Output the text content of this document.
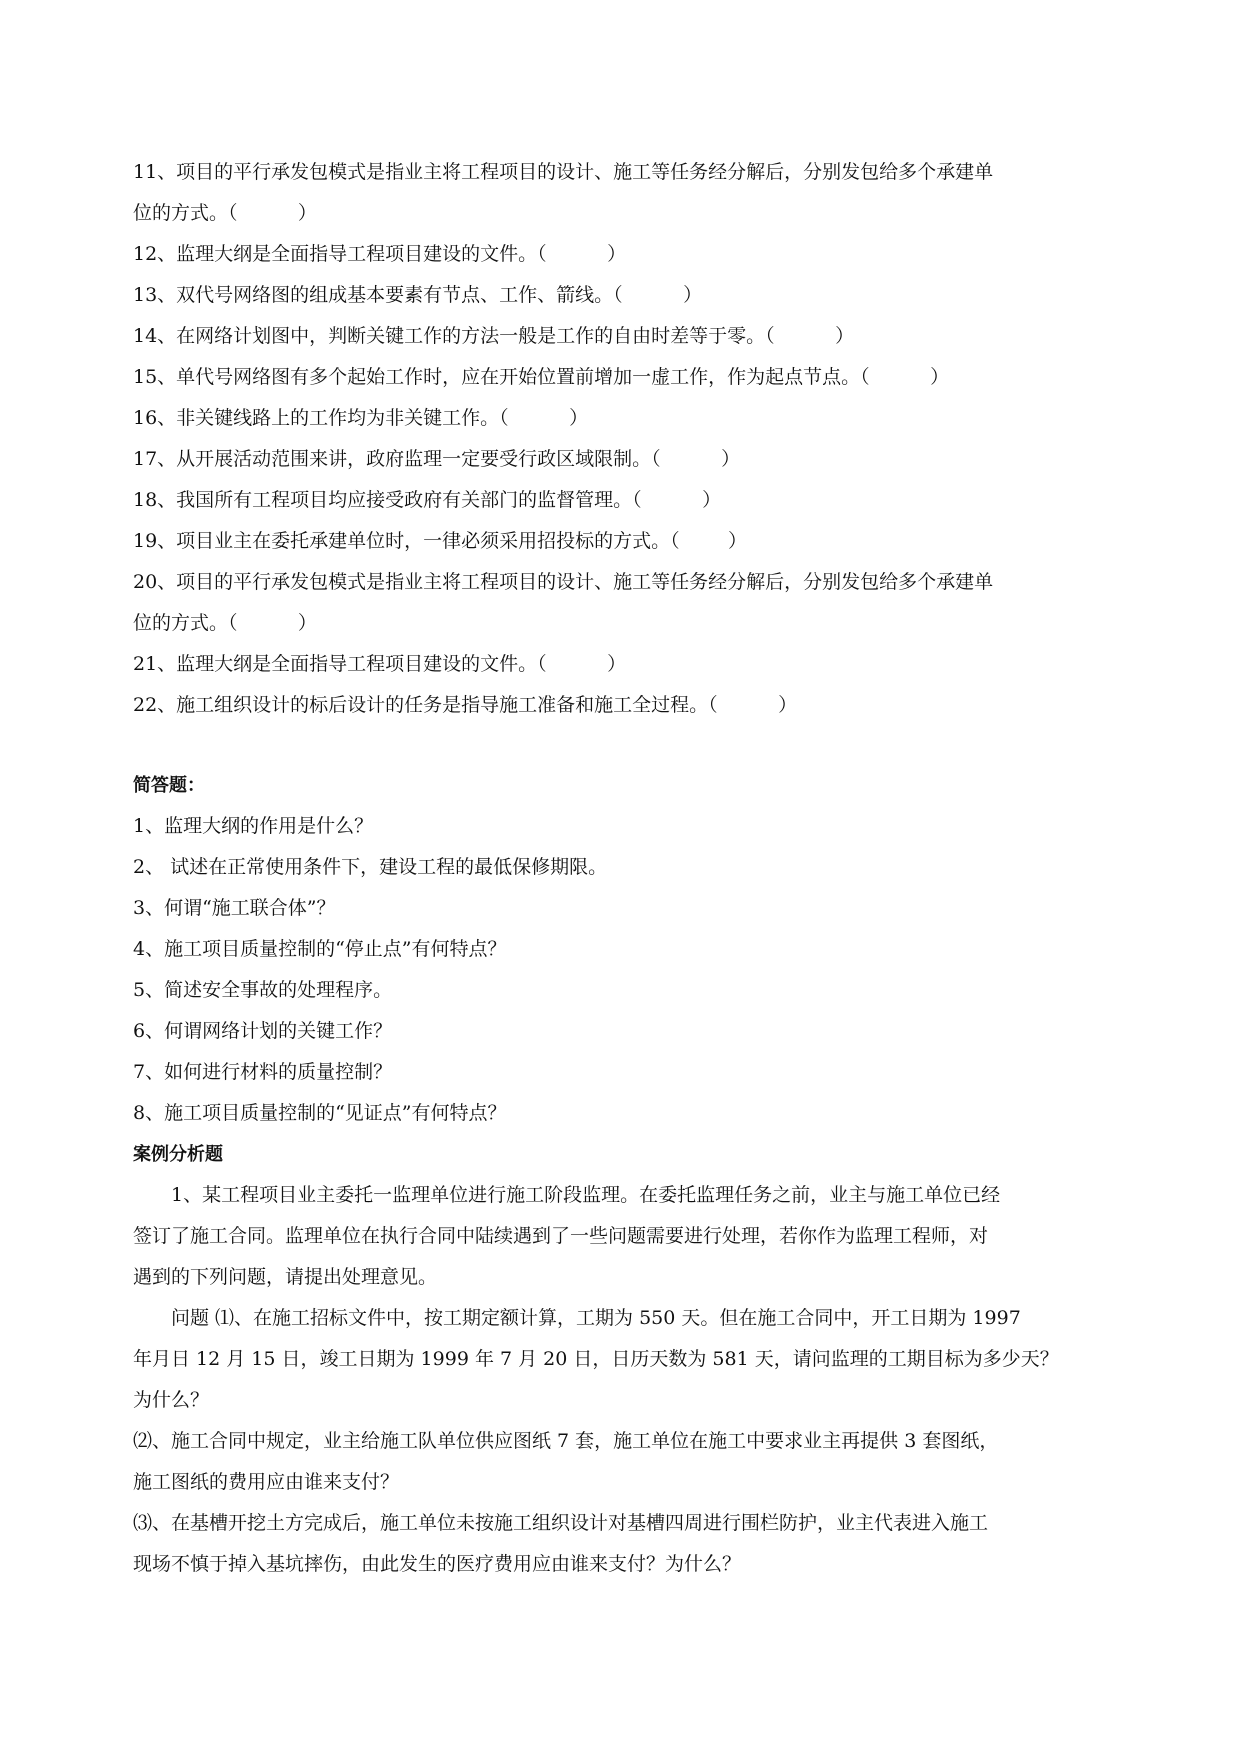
11、项目的平行承发包模式是指业主将工程项目的设计、施工等任务经分解后，分别发包给多个承建单

位的方式。（          ）

12、监理大纲是全面指导工程项目建设的文件。（          ）

13、双代号网络图的组成基本要素有节点、工作、箭线。（          ）

14、在网络计划图中，判断关键工作的方法一般是工作的自由时差等于零。（          ）

15、单代号网络图有多个起始工作时，应在开始位置前增加一虚工作，作为起点节点。（          ）

16、非关键线路上的工作均为非关键工作。（          ）

17、从开展活动范围来讲，政府监理一定要受行政区域限制。（          ）

18、我国所有工程项目均应接受政府有关部门的监督管理。（          ）

19、项目业主在委托承建单位时，一律必须采用招投标的方式。（        ）

20、项目的平行承发包模式是指业主将工程项目的设计、施工等任务经分解后，分别发包给多个承建单

位的方式。（          ）

21、监理大纲是全面指导工程项目建设的文件。（          ）

22、施工组织设计的标后设计的任务是指导施工准备和施工全过程。（          ）

简答题：

1、监理大纲的作用是什么？

2、 试述在正常使用条件下，建设工程的最低保修期限。

3、何谓“施工联合体”？

4、施工项目质量控制的“停止点”有何特点？

5、简述安全事故的处理程序。

6、何谓网络计划的关键工作？

7、如何进行材料的质量控制？

8、施工项目质量控制的“见证点”有何特点？

案例分析题

1、某工程项目业主委托一监理单位进行施工阶段监理。在委托监理任务之前，业主与施工单位已经

签订了施工合同。监理单位在执行合同中陆续遇到了一些问题需要进行处理，若你作为监理工程师，对

遇到的下列问题，请提出处理意见。

问题 ⑴、在施工招标文件中，按工期定额计算，工期为 550 天。但在施工合同中，开工日期为 1997

年月日 12 月 15 日，竣工日期为 1999 年 7 月 20 日，日历天数为 581 天，请问监理的工期目标为多少天？

为什么？

⑵、施工合同中规定，业主给施工队单位供应图纸 7 套，施工单位在施工中要求业主再提供 3 套图纸，

施工图纸的费用应由谁来支付？

⑶、在基槽开挖土方完成后，施工单位未按施工组织设计对基槽四周进行围栏防护，业主代表进入施工

现场不慎于掉入基坑摔伤，由此发生的医疗费用应由谁来支付？为什么？
